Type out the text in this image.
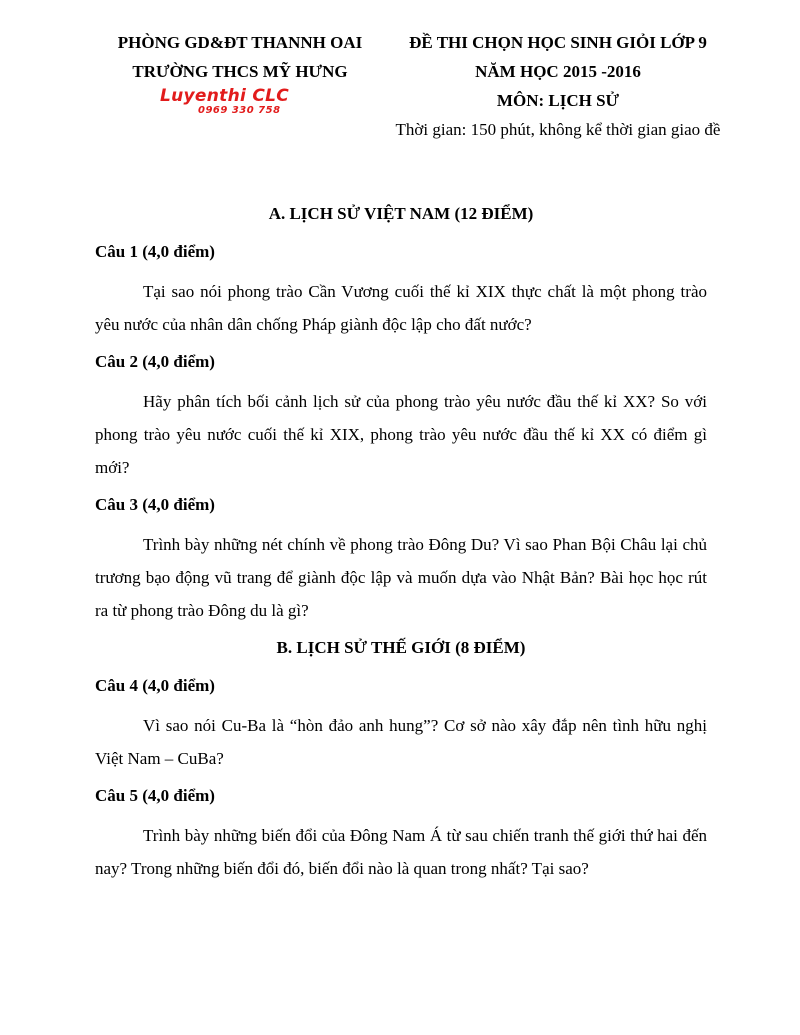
PHÒNG GD&ĐT THANNH OAI
TRƯỜNG THCS MỸ HƯNG
Luyenthi CLC
0969 330 758
ĐỀ THI CHỌN HỌC SINH GIỎI LỚP 9
NĂM HỌC 2015 -2016
MÔN: LỊCH SỬ
Thời gian: 150 phút, không kể thời gian giao đề

A. LỊCH SỬ VIỆT NAM (12 ĐIỂM)

Câu 1 (4,0 điểm)

Tại sao nói phong trào Cần Vương cuối thế kỉ XIX thực chất là một phong trào yêu nước của nhân dân chống Pháp giành độc lập cho đất nước?

Câu 2 (4,0 điểm)

Hãy phân tích bối cảnh lịch sử của phong trào yêu nước đầu thế kỉ XX? So với phong trào yêu nước cuối thế kỉ XIX, phong trào yêu nước đầu thế kỉ XX có điểm gì mới?

Câu 3 (4,0 điểm)

Trình bày những nét chính về phong trào Đông Du? Vì sao Phan Bội Châu lại chủ trương bạo động vũ trang để giành độc lập và muốn dựa vào Nhật Bản? Bài học học rút ra từ phong trào Đông du là gì?

B. LỊCH SỬ THẾ GIỚI (8 ĐIỂM)

Câu 4 (4,0 điểm)

Vì sao nói Cu-Ba là “hòn đảo anh hung”? Cơ sở nào xây đắp nên tình hữu nghị Việt Nam – CuBa?

Câu 5 (4,0 điểm)

Trình bày những biến đổi của Đông Nam Á từ sau chiến tranh thế giới thứ hai đến nay? Trong những biến đổi đó, biến đổi nào là quan trong nhất? Tại sao?
